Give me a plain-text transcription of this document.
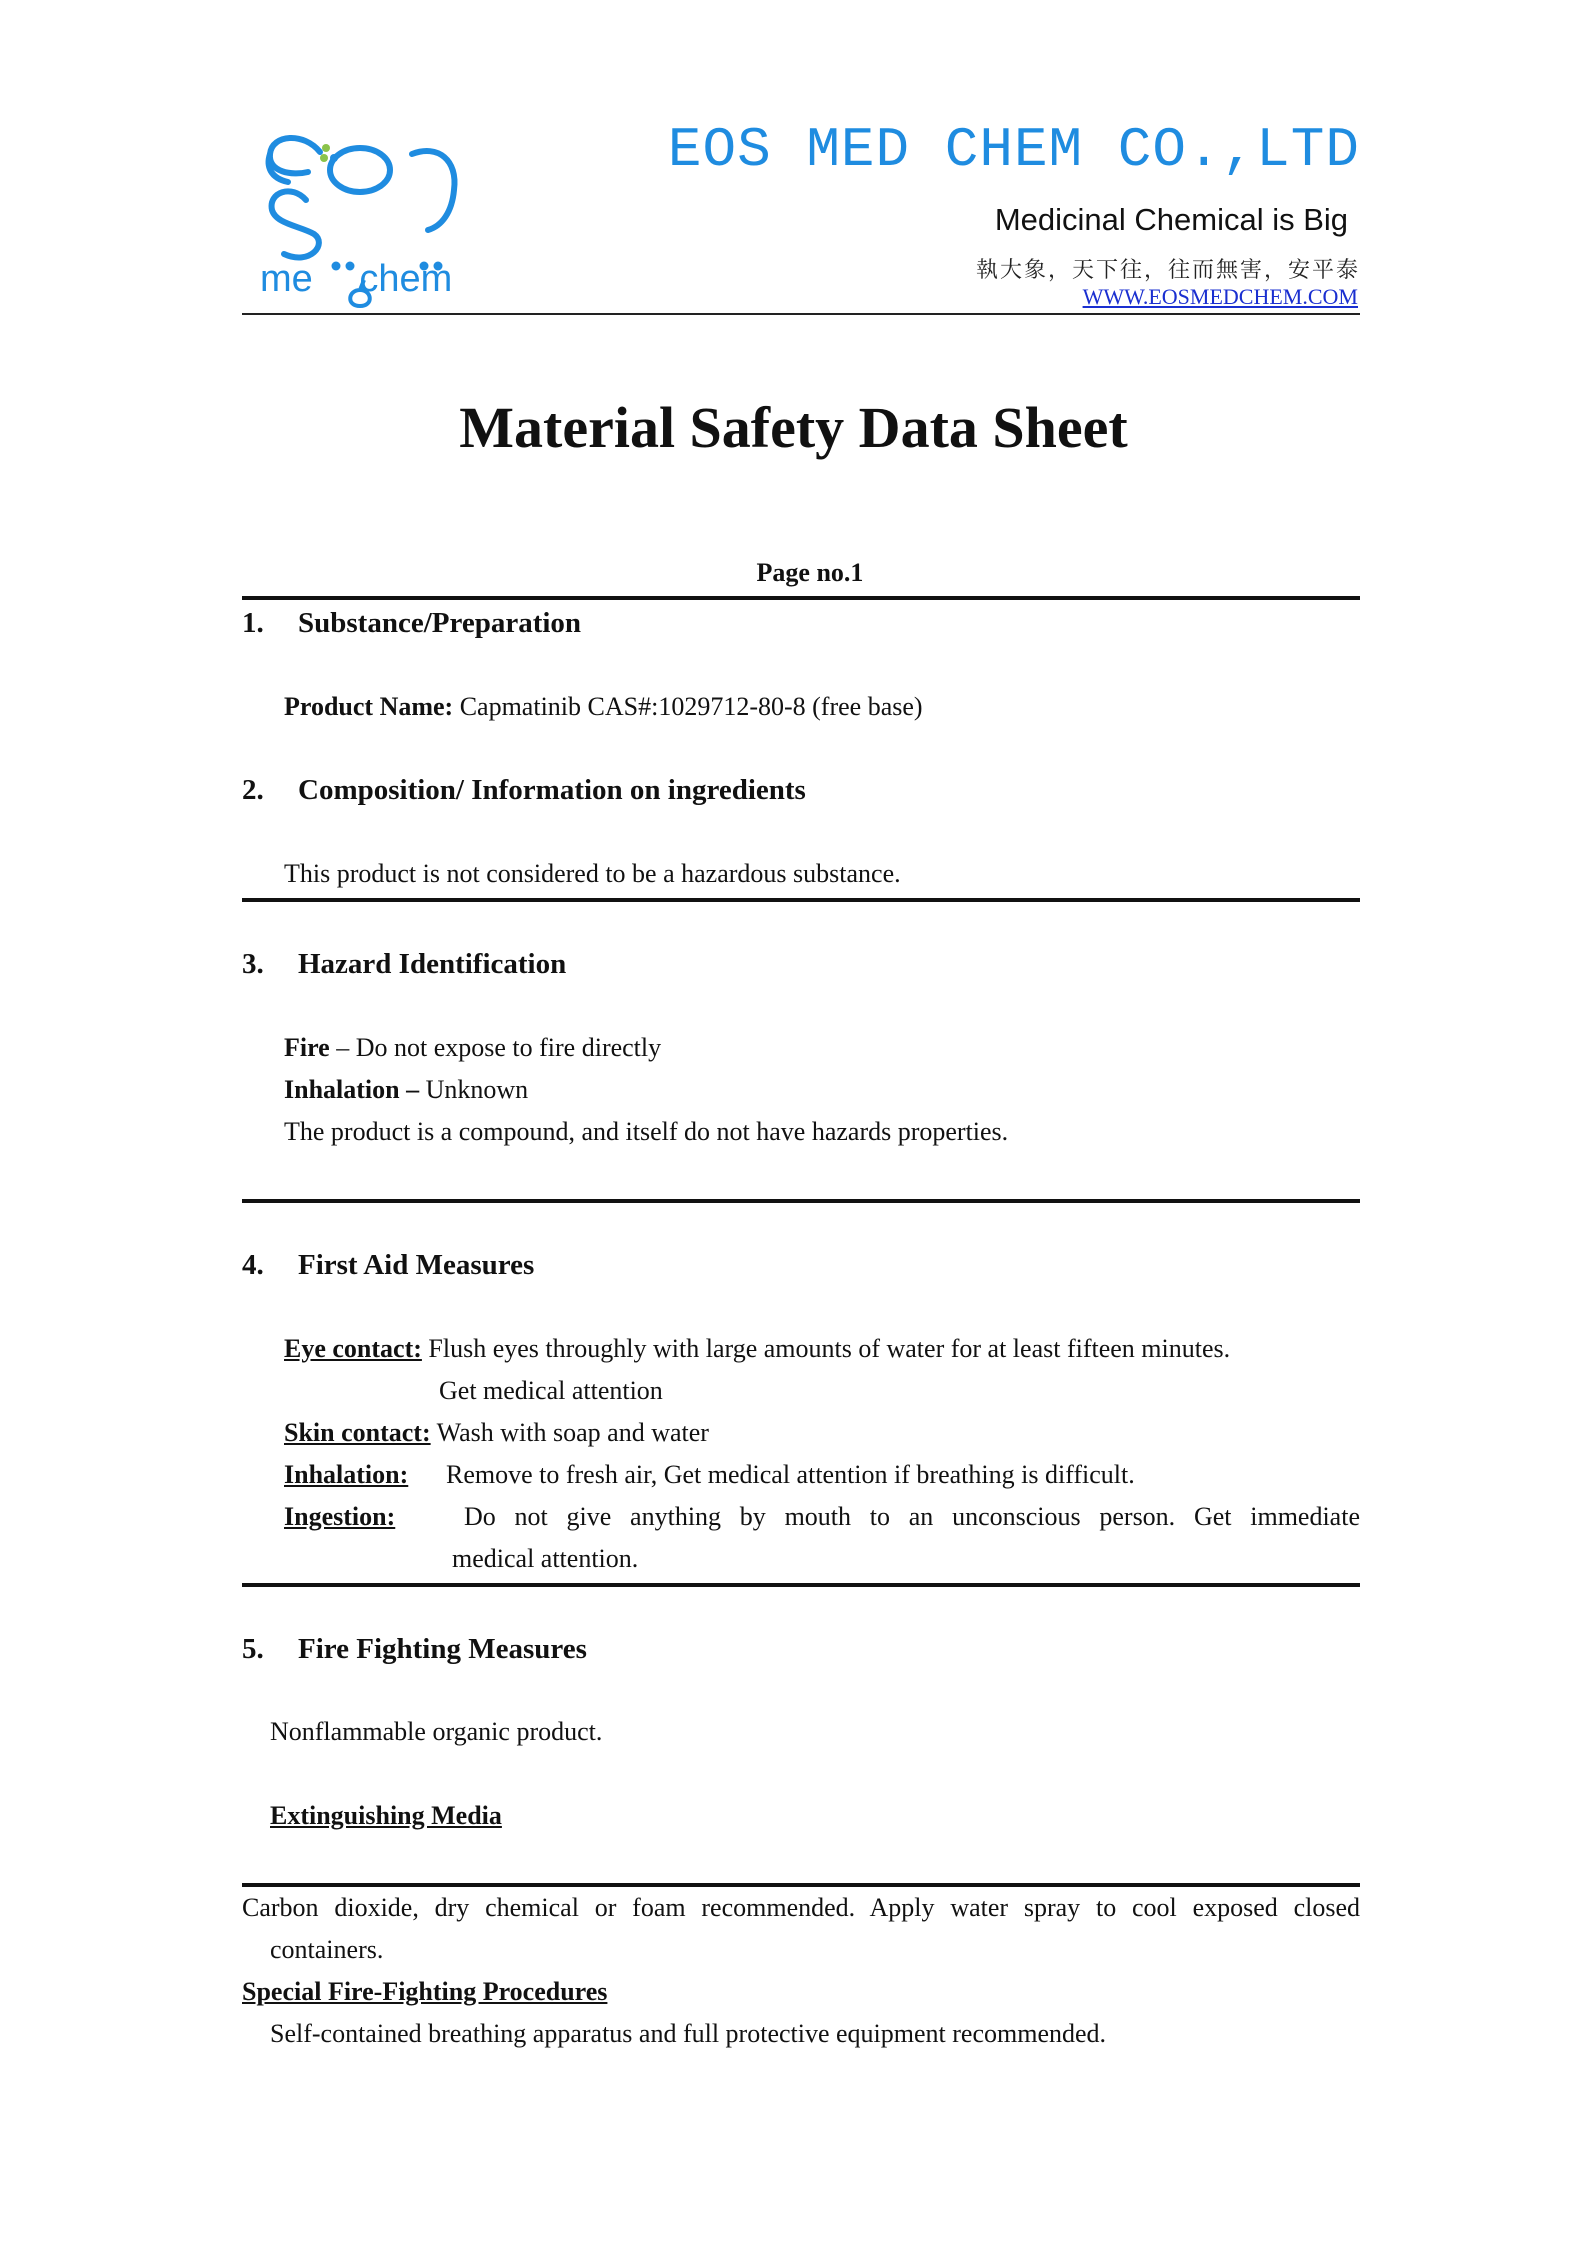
me chem
EOS MED CHEM CO.,LTD
Medicinal Chemical is Big
執大象，天下往，往而無害，安平泰
WWW.EOSMEDCHEM.COM
Material Safety Data Sheet
Page no.1
1. Substance/Preparation
Product Name: Capmatinib CAS#:1029712-80-8 (free base)
2. Composition/ Information on ingredients
This product is not considered to be a hazardous substance.
3. Hazard Identification
Fire – Do not expose to fire directly
Inhalation – Unknown
The product is a compound, and itself do not have hazards properties.
4. First Aid Measures
Eye contact: Flush eyes throughly with large amounts of water for at least fifteen minutes.
Get medical attention
Skin contact: Wash with soap and water
Inhalation: Remove to fresh air, Get medical attention if breathing is difficult.
Ingestion:	Do not give anything by mouth to an unconscious person. Get immediate
medical attention.
5. Fire Fighting Measures
Nonflammable organic product.
Extinguishing Media
Carbon dioxide, dry chemical or foam recommended. Apply water spray to cool exposed closed
containers.
Special Fire-Fighting Procedures
Self-contained breathing apparatus and full protective equipment recommended.
